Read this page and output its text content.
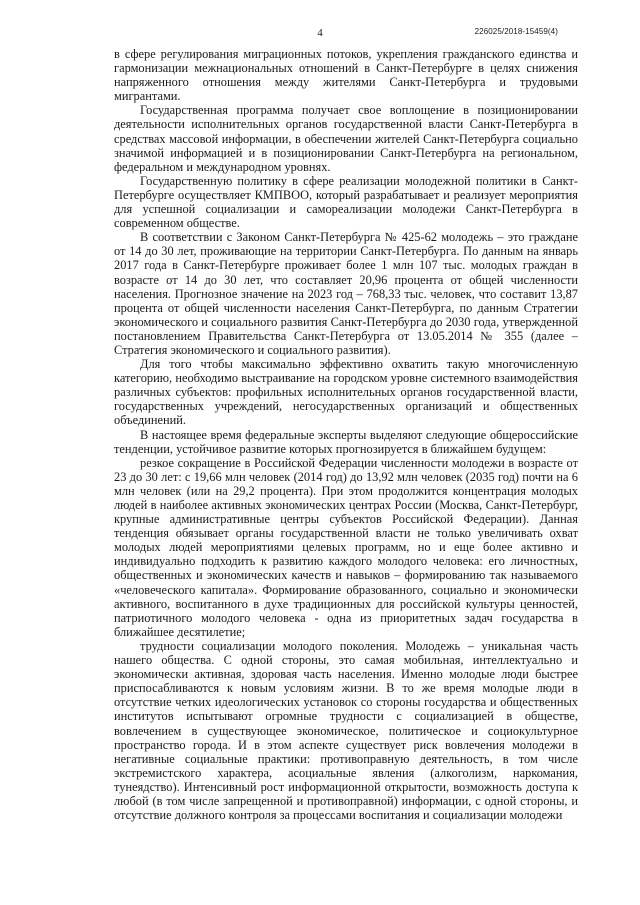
4	226025/2018-15459(4)

в сфере регулирования миграционных потоков, укрепления гражданского единства и гармонизации межнациональных отношений в Санкт-Петербурге в целях снижения напряженного отношения между жителями Санкт-Петербурга и трудовыми мигрантами.

Государственная программа получает свое воплощение в позиционировании деятельности исполнительных органов государственной власти Санкт-Петербурга в средствах массовой информации, в обеспечении жителей Санкт-Петербурга социально значимой информацией и в позиционировании Санкт-Петербурга на региональном, федеральном и международном уровнях.

Государственную политику в сфере реализации молодежной политики в Санкт-Петербурге осуществляет КМПВОО, который разрабатывает и реализует мероприятия для успешной социализации и самореализации молодежи Санкт-Петербурга в современном обществе.

В соответствии с Законом Санкт-Петербурга № 425-62 молодежь – это граждане от 14 до 30 лет, проживающие на территории Санкт-Петербурга. По данным на январь 2017 года в Санкт-Петербурге проживает более 1 млн 107 тыс. молодых граждан в возрасте от 14 до 30 лет, что составляет 20,96 процента от общей численности населения. Прогнозное значение на 2023 год – 768,33 тыс. человек, что составит 13,87 процента от общей численности населения Санкт-Петербурга, по данным Стратегии экономического и социального развития Санкт-Петербурга до 2030 года, утвержденной постановлением Правительства Санкт-Петербурга от 13.05.2014 № 355 (далее – Стратегия экономического и социального развития).

Для того чтобы максимально эффективно охватить такую многочисленную категорию, необходимо выстраивание на городском уровне системного взаимодействия различных субъектов: профильных исполнительных органов государственной власти, государственных учреждений, негосударственных организаций и общественных объединений.

В настоящее время федеральные эксперты выделяют следующие общероссийские тенденции, устойчивое развитие которых прогнозируется в ближайшем будущем:

резкое сокращение в Российской Федерации численности молодежи в возрасте от 23 до 30 лет: с 19,66 млн человек (2014 год) до 13,92 млн человек (2035 год) почти на 6 млн человек (или на 29,2 процента). При этом продолжится концентрация молодых людей в наиболее активных экономических центрах России (Москва, Санкт-Петербург, крупные административные центры субъектов Российской Федерации). Данная тенденция обязывает органы государственной власти не только увеличивать охват молодых людей мероприятиями целевых программ, но и еще более активно и индивидуально подходить к развитию каждого молодого человека: его личностных, общественных и экономических качеств и навыков – формированию так называемого «человеческого капитала». Формирование образованного, социально и экономически активного, воспитанного в духе традиционных для российской культуры ценностей, патриотичного молодого человека - одна из приоритетных задач государства в ближайшее десятилетие;

трудности социализации молодого поколения. Молодежь – уникальная часть нашего общества. С одной стороны, это самая мобильная, интеллектуально и экономически активная, здоровая часть населения. Именно молодые люди быстрее приспосабливаются к новым условиям жизни. В то же время молодые люди в отсутствие четких идеологических установок со стороны государства и общественных институтов испытывают огромные трудности с социализацией в обществе, вовлечением в существующее экономическое, политическое и социокультурное пространство города. И в этом аспекте существует риск вовлечения молодежи в негативные социальные практики: противоправную деятельность, в том числе экстремистского характера, асоциальные явления (алкоголизм, наркомания, тунеядство). Интенсивный рост информационной открытости, возможность доступа к любой (в том числе запрещенной и противоправной) информации, с одной стороны, и отсутствие должного контроля за процессами воспитания и социализации молодежи
